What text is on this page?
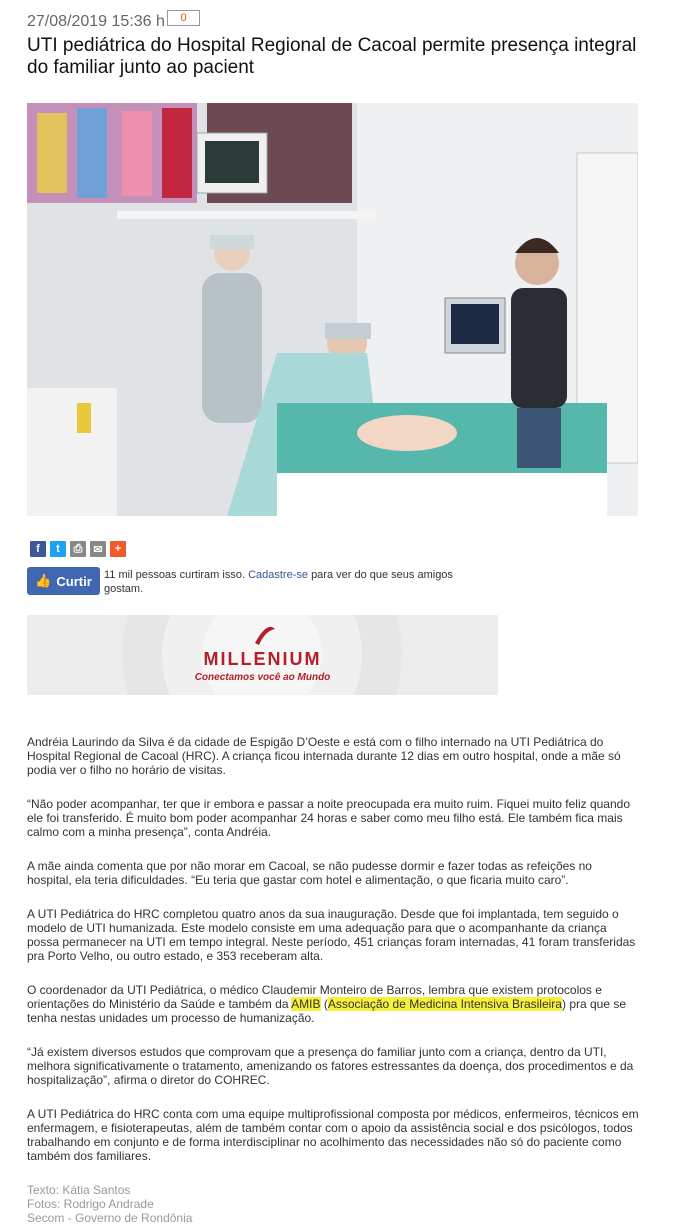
27/08/2019 15:36 h	0
UTI pediátrica do Hospital Regional de Cacoal permite presença integral do familiar junto ao pacient
f	t	⎙ ✉	+
👍 Curtir 11 mil pessoas curtiram isso. Cadastre-se para ver do que seus amigos gostam.
MILLENIUM
Conectamos você ao Mundo

Andréia Laurindo da Silva é da cidade de Espigão D’Oeste e está com o filho internado na UTI Pediátrica do Hospital Regional de Cacoal (HRC). A criança ficou internada durante 12 dias em outro hospital, onde a mãe só podia ver o filho no horário de visitas.

“Não poder acompanhar, ter que ir embora e passar a noite preocupada era muito ruim. Fiquei muito feliz quando ele foi transferido. É muito bom poder acompanhar 24 horas e saber como meu filho está. Ele também fica mais calmo com a minha presença”, conta Andréia.

A mãe ainda comenta que por não morar em Cacoal, se não pudesse dormir e fazer todas as refeições no hospital, ela teria dificuldades. “Eu teria que gastar com hotel e alimentação, o que ficaria muito caro”.

A UTI Pediátrica do HRC completou quatro anos da sua inauguração. Desde que foi implantada, tem seguido o modelo de UTI humanizada. Este modelo consiste em uma adequação para que o acompanhante da criança possa permanecer na UTI em tempo integral. Neste período, 451 crianças foram internadas, 41 foram transferidas pra Porto Velho, ou outro estado, e 353 receberam alta.

O coordenador da UTI Pediátrica, o médico Claudemir Monteiro de Barros, lembra que existem protocolos e orientações do Ministério da Saúde e também da AMIB (Associação de Medicina Intensiva Brasileira) pra que se tenha nestas unidades um processo de humanização.

“Já existem diversos estudos que comprovam que a presença do familiar junto com a criança, dentro da UTI, melhora significativamente o tratamento, amenizando os fatores estressantes da doença, dos procedimentos e da hospitalização”, afirma o diretor do COHREC.

A UTI Pediátrica do HRC conta com uma equipe multiprofissional composta por médicos, enfermeiros, técnicos em enfermagem, e fisioterapeutas, além de também contar com o apoio da assistência social e dos psicólogos, todos trabalhando em conjunto e de forma interdisciplinar no acolhimento das necessidades não só do paciente como também dos familiares.

Texto: Kátia Santos
Fotos: Rodrigo Andrade
Secom - Governo de Rondônia
